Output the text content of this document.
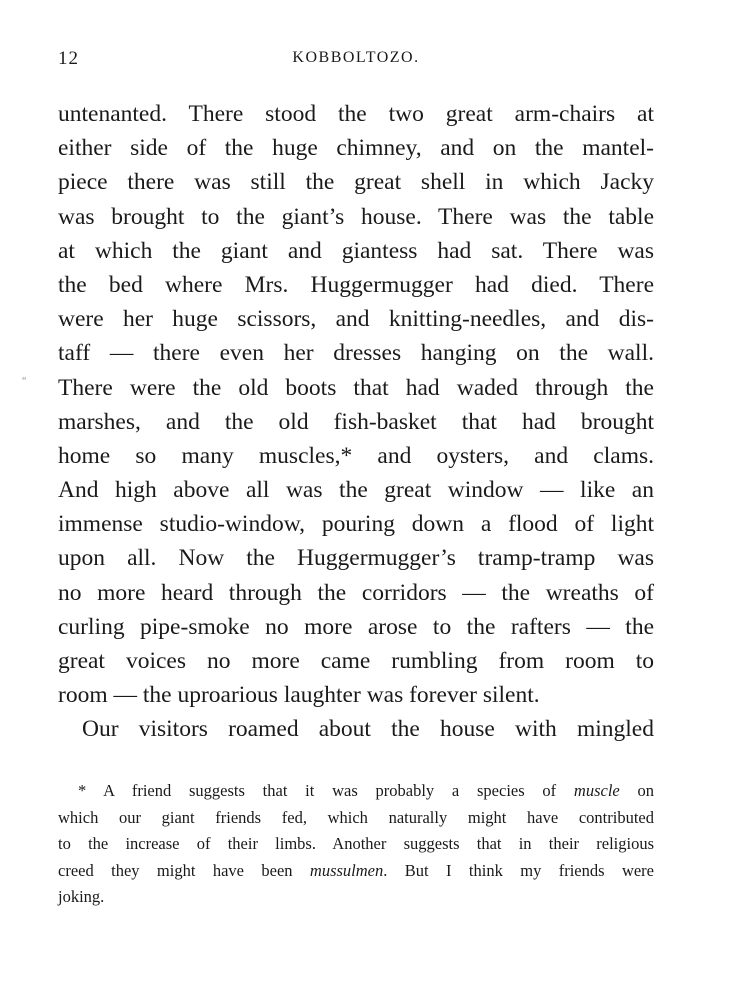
12	KOBBOLTOZO.
untenanted. There stood the two great arm-chairs at
either side of the huge chimney, and on the mantel-
piece there was still the great shell in which Jacky
was brought to the giant’s house. There was the table
at which the giant and giantess had sat. There was
the bed where Mrs. Huggermugger had died. There
were her huge scissors, and knitting-needles, and dis-
taff — there even her dresses hanging on the wall.
There were the old boots that had waded through the
marshes, and the old fish-basket that had brought
home so many muscles,* and oysters, and clams.
And high above all was the great window — like an
immense studio-window, pouring down a flood of light
upon all. Now the Huggermugger’s tramp-tramp was
no more heard through the corridors — the wreaths of
curling pipe-smoke no more arose to the rafters — the
great voices no more came rumbling from room to
room — the uproarious laughter was forever silent.
Our visitors roamed about the house with mingled
* A friend suggests that it was probably a species of muscle on
which our giant friends fed, which naturally might have contributed
to the increase of their limbs. Another suggests that in their religious
creed they might have been mussulmen. But I think my friends were
joking.
“
